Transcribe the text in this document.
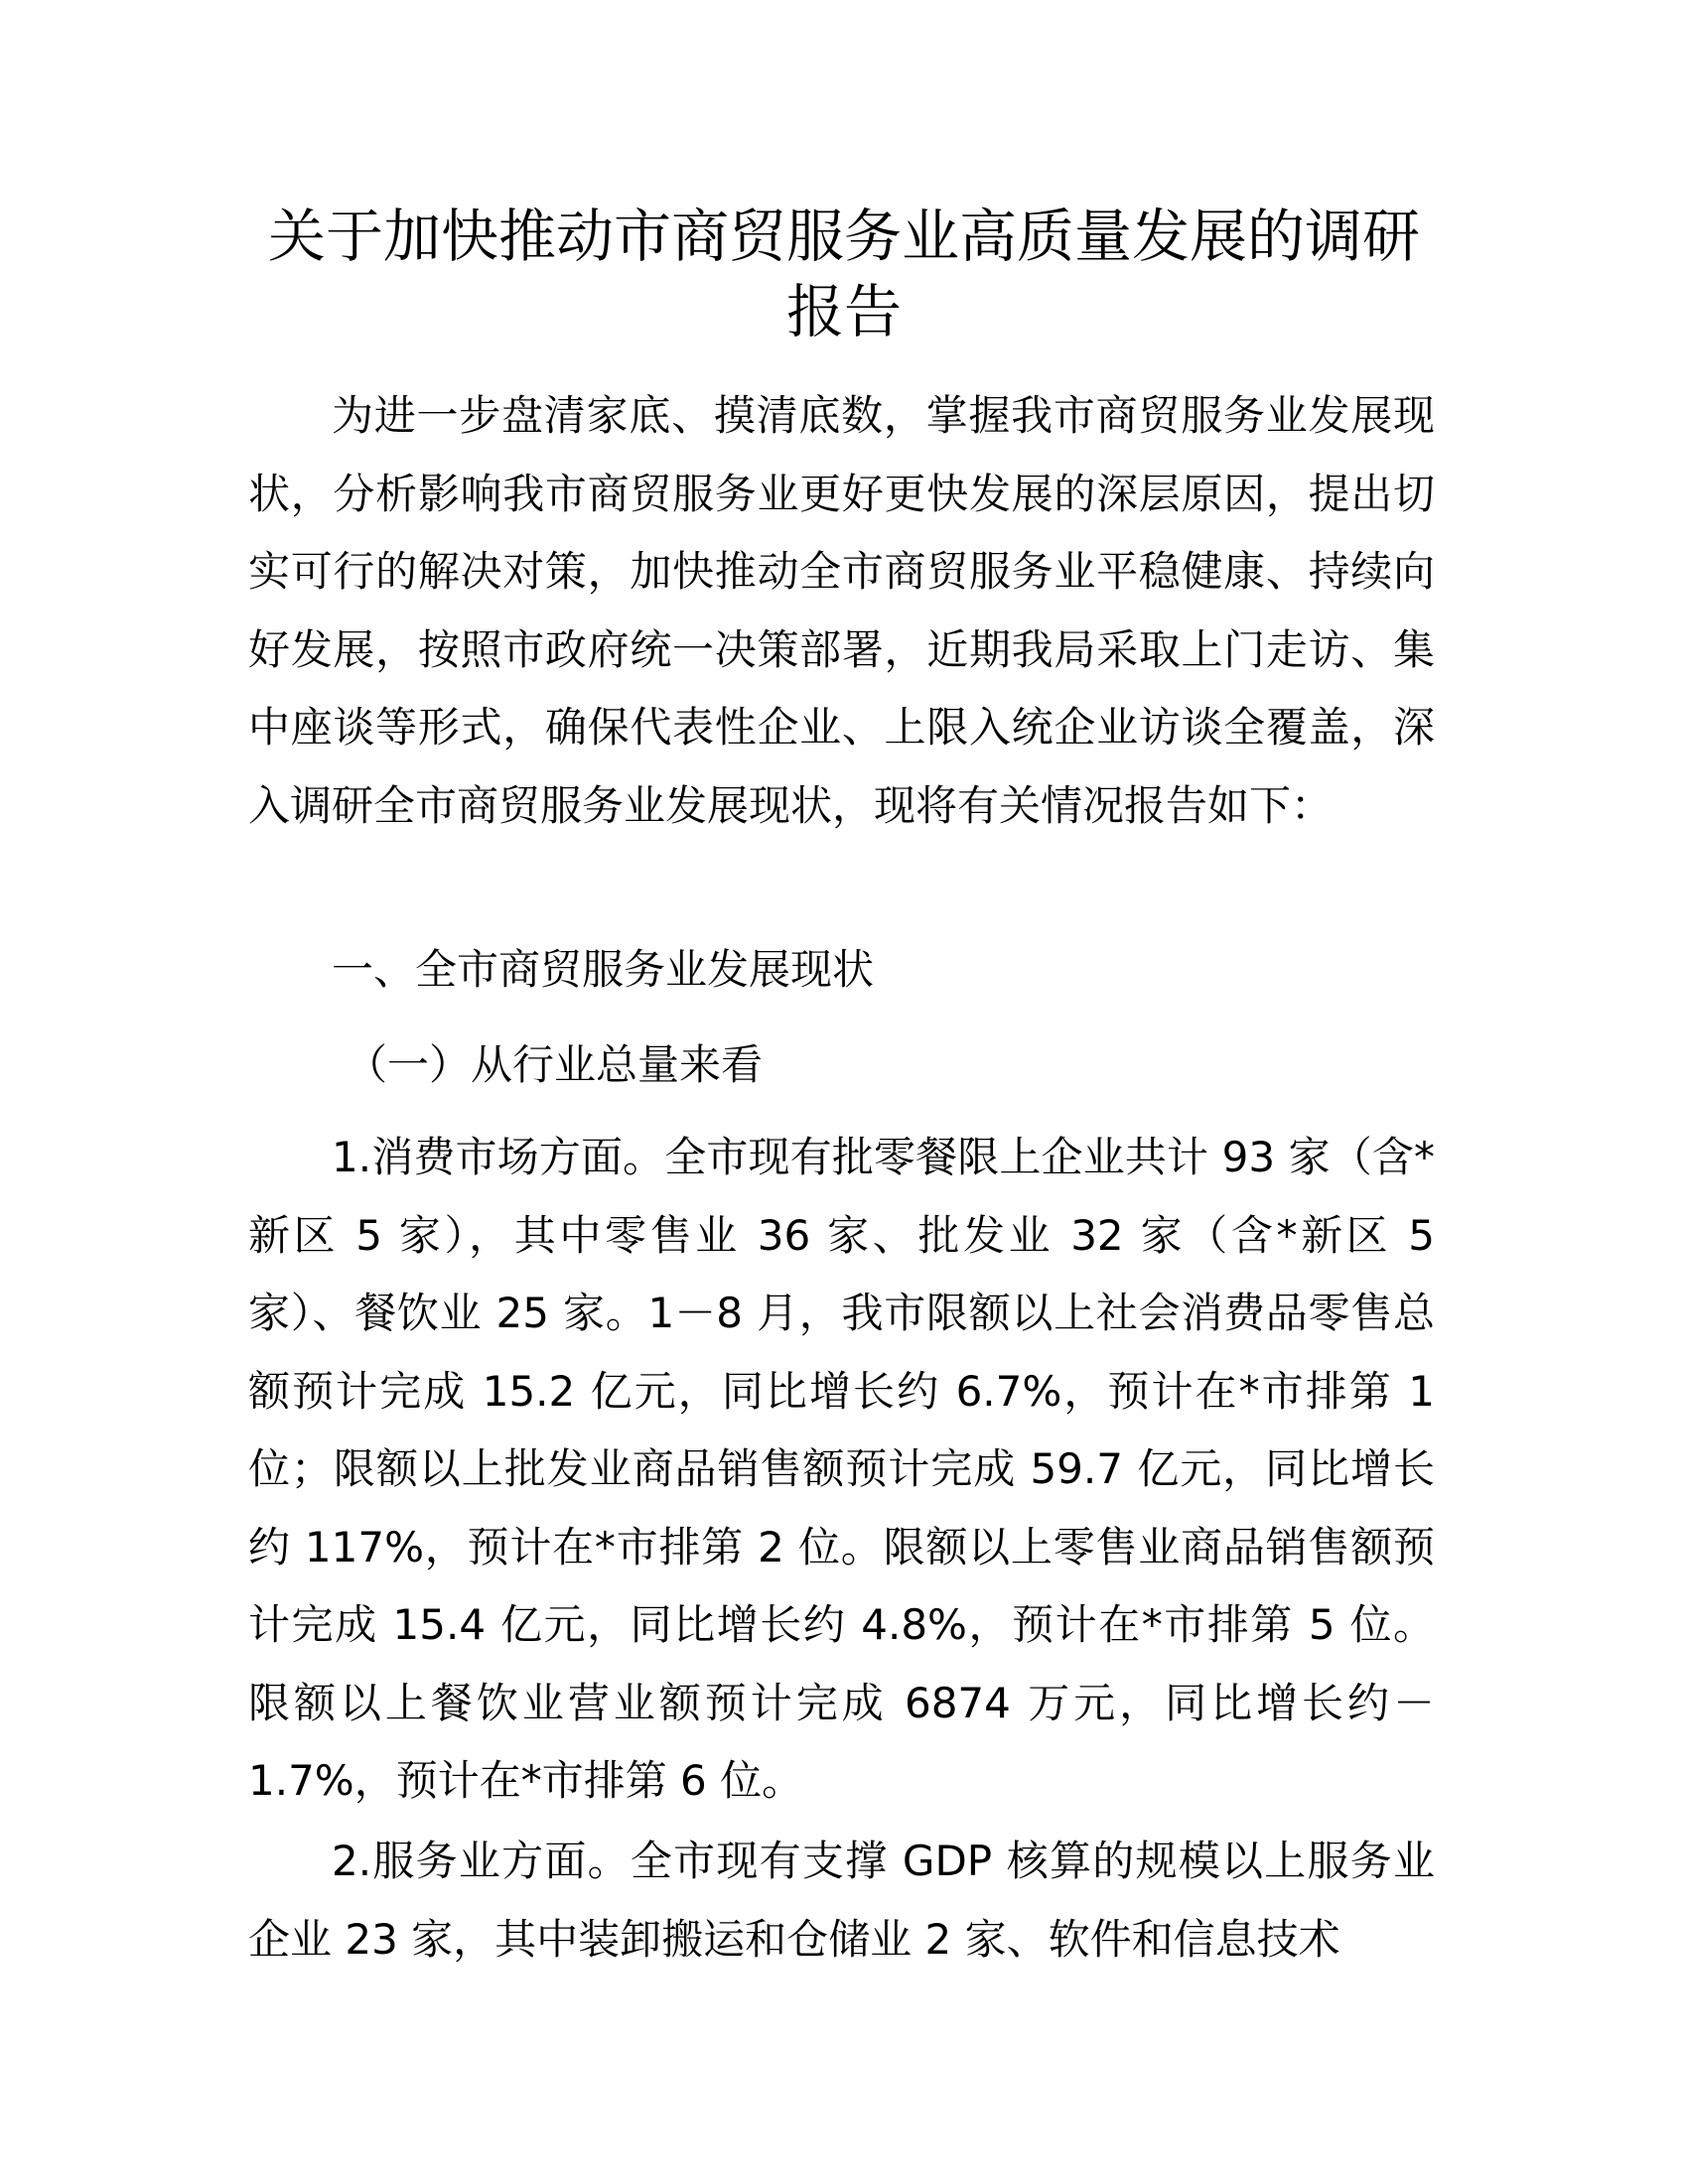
关于加快推动市商贸服务业高质量发展的调研报告

为进一步盘清家底、摸清底数，掌握我市商贸服务业发展现状，分析影响我市商贸服务业更好更快发展的深层原因，提出切实可行的解决对策，加快推动全市商贸服务业平稳健康、持续向好发展，按照市政府统一决策部署，近期我局采取上门走访、集中座谈等形式，确保代表性企业、上限入统企业访谈全覆盖，深入调研全市商贸服务业发展现状，现将有关情况报告如下：

一、全市商贸服务业发展现状

（一）从行业总量来看

1.消费市场方面。全市现有批零餐限上企业共计 93 家（含*新区 5 家），其中零售业 36 家、批发业 32 家（含*新区 5 家）、餐饮业 25 家。1－8 月，我市限额以上社会消费品零售总额预计完成 15.2 亿元，同比增长约 6.7%，预计在*市排第 1 位；限额以上批发业商品销售额预计完成 59.7 亿元，同比增长约 117%，预计在*市排第 2 位。限额以上零售业商品销售额预计完成 15.4 亿元，同比增长约 4.8%，预计在*市排第 5 位。限额以上餐饮业营业额预计完成 6874 万元，同比增长约－1.7%，预计在*市排第 6 位。

2.服务业方面。全市现有支撑 GDP 核算的规模以上服务业企业 23 家，其中装卸搬运和仓储业 2 家、软件和信息技术
